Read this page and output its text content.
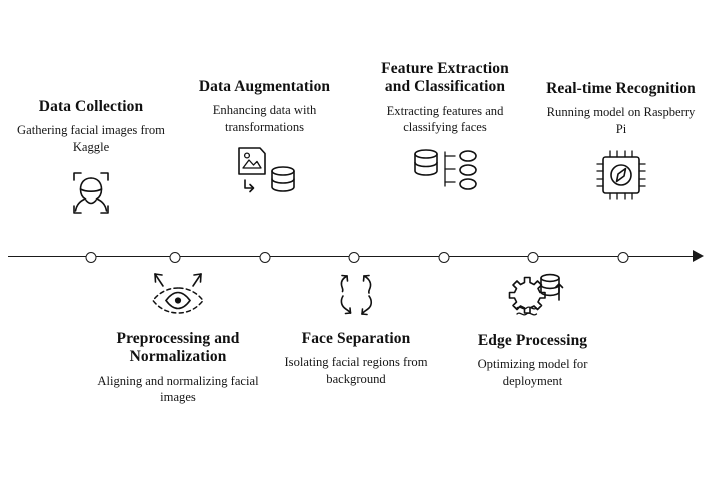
Data Collection

Gathering facial images from Kaggle

Preprocessing and Normalization

Aligning and normalizing facial images

Data Augmentation

Enhancing data with transformations

Face Separation

Isolating facial regions from background

Feature Extraction and Classification

Extracting features and classifying faces

Edge Processing

Optimizing model for deployment

Real-time Recognition

Running model on Raspberry Pi
